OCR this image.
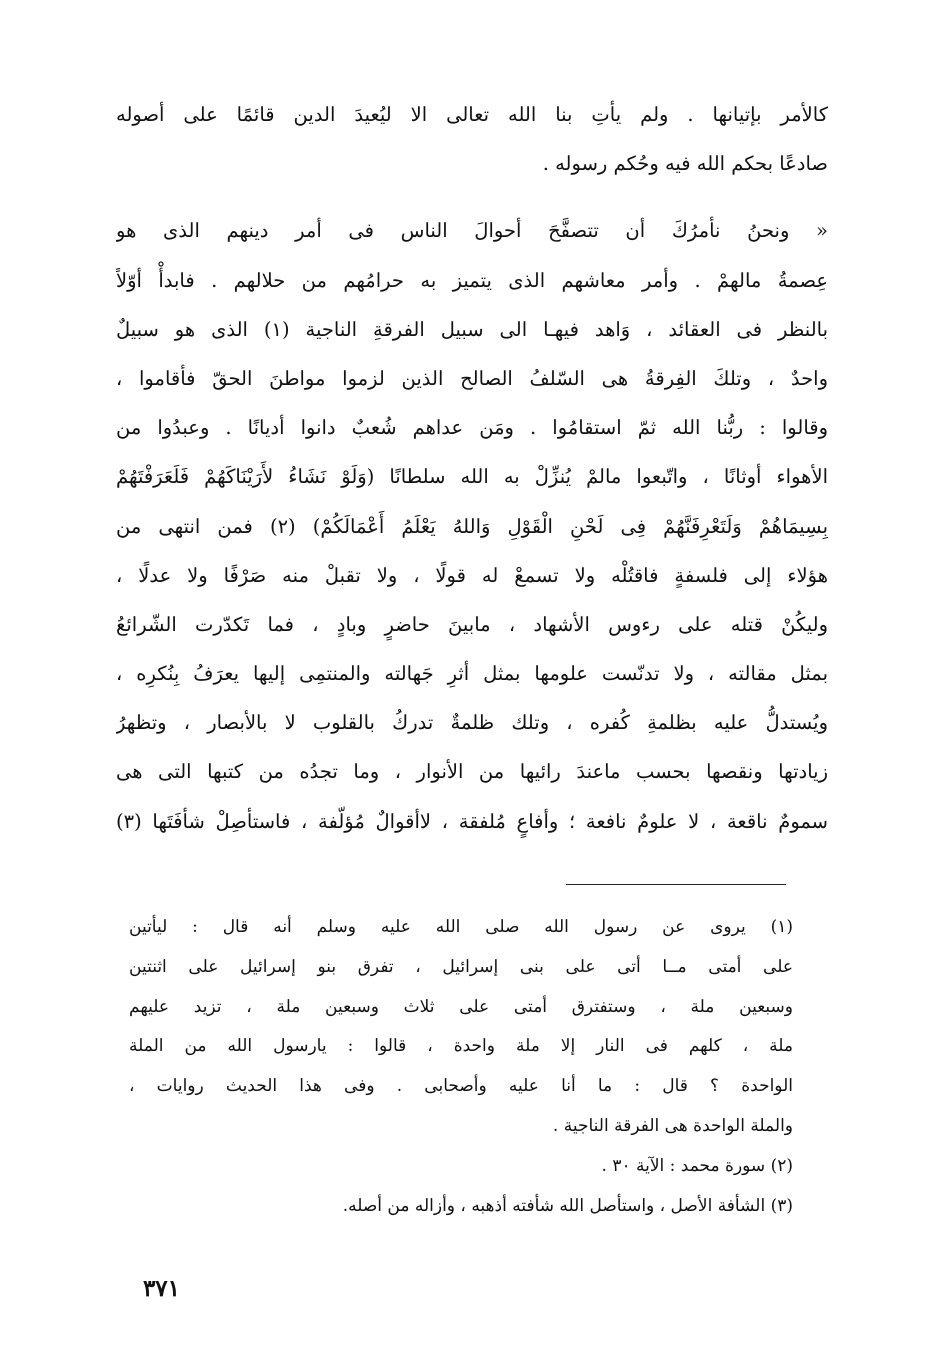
كالأمر بإتيانها . ولم يأتِ بنا الله تعالى الا ليُعيدَ الدين قائمًا على أصوله
صادعًا بحكم الله فيه وحُكم رسوله .
« ونحنُ نأمرُكَ أن تتصفَّحَ أحوالَ الناس فى أمر دينهم الذى هو
عِصمةُ مالهمْ . وأمر معاشهم الذى يتميز به حرامُهم من حلالهم . فابدأْ أوّلاً
بالنظر فى العقائد ، وَاهد فيهـا الى سبيل الفرقةِ الناجية (١) الذى هو سبيلٌ
واحدٌ ، وتلكَ الفِرقةُ هى السّلفُ الصالح الذين لزموا مواطنَ الحقّ فأقاموا ،
وقالوا : ربُّنا الله ثمّ استقامُوا . ومَن عداهم شُعبٌ دانوا أديانًا . وعبدُوا من
الأهواء أوثانًا ، واتّبعوا مالمْ يُنزِّلْ به الله سلطانًا (وَلَوْ نَشَاءُ لأَرَيْنَاكَهُمْ فَلَعَرَفْتَهُمْ
بِسِيمَاهُمْ وَلَتَعْرِفَنَّهُمْ فِى لَحْنِ الْقَوْلِ وَاللهُ يَعْلَمُ أَعْمَالَكُمْ) (٢) فمن انتهى من
هؤلاء إلى فلسفةٍ فاقتُلْه ولا تسمعْ له قولًا ، ولا تقبلْ منه صَرْفًا ولا عدلًا ،
وليكُنْ قتله على رءوس الأشهاد ، مابينَ حاضرٍ وبادٍ ، فما تَكدّرت الشّرائعُ
بمثل مقالته ، ولا تدنّست علومها بمثل أثرِ جَهالته والمنتمِى إليها يعرَفُ بِنُكرِه ،
ويُستدلُّ عليه بظلمةِ كُفره ، وتلك ظلمةٌ تدركُ بالقلوب لا بالأبصار ، وتظهرُ
زيادتها ونقصها بحسب ماعندَ رائيها من الأنوار ، وما تجدُه من كتبها التى هى
سمومٌ ناقعة ، لا علومٌ نافعة ؛ وأفاعٍ مُلفقة ، لاأقوالٌ مُؤلّفة ، فاستأصِلْ شأفَتَها (٣)
(١) يروى عن رسول الله صلى الله عليه وسلم أنه قال : ليأتين
على أمتى مــا أتى على بنى إسرائيل ، تفرق بنو إسرائيل على اثنتين
وسبعين ملة ، وستفترق أمتى على ثلاث وسبعين ملة ، تزيد عليهم
ملة ، كلهم فى النار إلا ملة واحدة ، قالوا : يارسول الله من الملة
الواحدة ؟ قال : ما أنا عليه وأصحابى . وفى هذا الحديث روايات ،
والملة الواحدة هى الفرقة الناجية .
(٢) سورة محمد : الآية ٣٠ .
(٣) الشأفة الأصل ، واستأصل الله شأفته أذهبه ، وأزاله من أصله.
٣٧١
